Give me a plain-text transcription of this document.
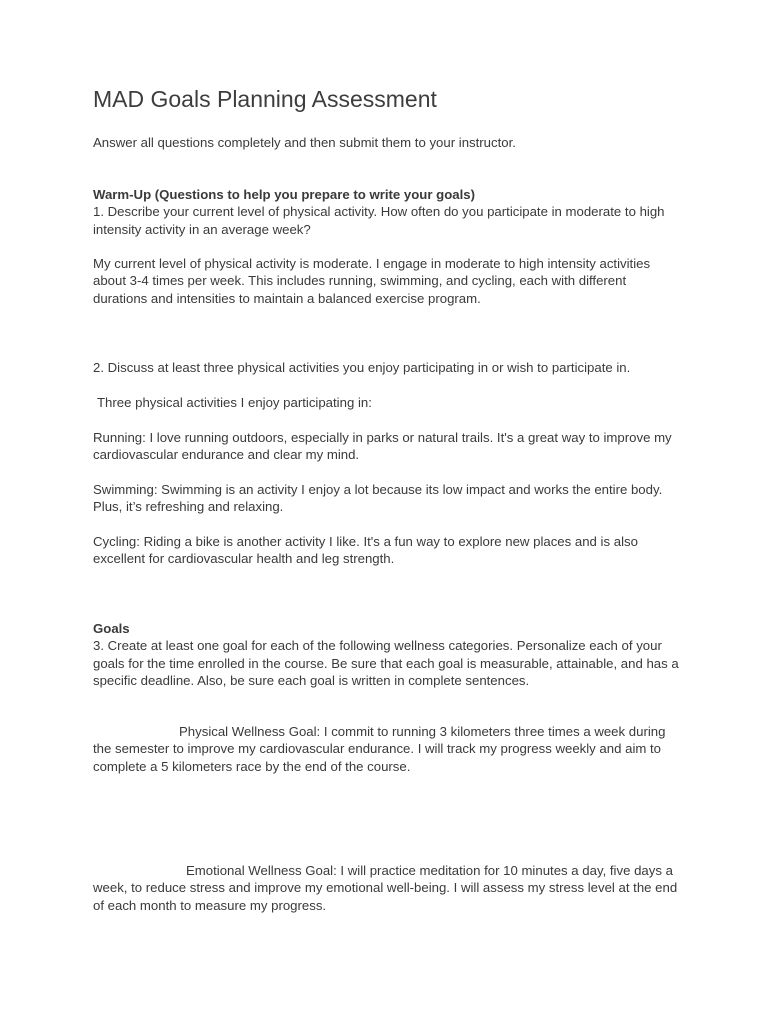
MAD Goals Planning Assessment

Answer all questions completely and then submit them to your instructor.

Warm-Up (Questions to help you prepare to write your goals)
1. Describe your current level of physical activity. How often do you participate in moderate to high intensity activity in an average week?

My current level of physical activity is moderate. I engage in moderate to high intensity activities about 3-4 times per week. This includes running, swimming, and cycling, each with different durations and intensities to maintain a balanced exercise program.

2. Discuss at least three physical activities you enjoy participating in or wish to participate in.

Three physical activities I enjoy participating in:

Running: I love running outdoors, especially in parks or natural trails. It's a great way to improve my cardiovascular endurance and clear my mind.

Swimming: Swimming is an activity I enjoy a lot because its low impact and works the entire body. Plus, it’s refreshing and relaxing.

Cycling: Riding a bike is another activity I like. It's a fun way to explore new places and is also excellent for cardiovascular health and leg strength.

Goals
3. Create at least one goal for each of the following wellness categories. Personalize each of your goals for the time enrolled in the course. Be sure that each goal is measurable, attainable, and has a specific deadline. Also, be sure each goal is written in complete sentences.

Physical Wellness Goal: I commit to running 3 kilometers three times a week during the semester to improve my cardiovascular endurance. I will track my progress weekly and aim to complete a 5 kilometers race by the end of the course.

Emotional Wellness Goal: I will practice meditation for 10 minutes a day, five days a week, to reduce stress and improve my emotional well-being. I will assess my stress level at the end of each month to measure my progress.
